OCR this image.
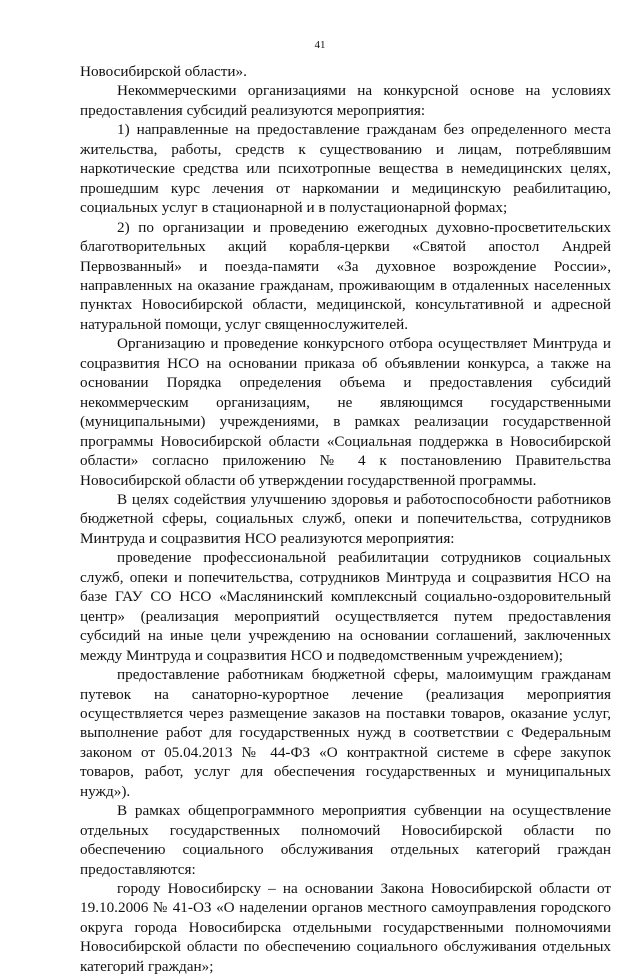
41

Новосибирской области».

Некоммерческими организациями на конкурсной основе на условиях предоставления субсидий реализуются мероприятия:

1) направленные на предоставление гражданам без определенного места жительства, работы, средств к существованию и лицам, потреблявшим наркотические средства или психотропные вещества в немедицинских целях, прошедшим курс лечения от наркомании и медицинскую реабилитацию, социальных услуг в стационарной и в полустационарной формах;

2) по организации и проведению ежегодных духовно-просветительских благотворительных акций корабля-церкви «Святой апостол Андрей Первозванный» и поезда-памяти «За духовное возрождение России», направленных на оказание гражданам, проживающим в отдаленных населенных пунктах Новосибирской области, медицинской, консультативной и адресной натуральной помощи, услуг священнослужителей.

Организацию и проведение конкурсного отбора осуществляет Минтруда и соцразвития НСО на основании приказа об объявлении конкурса, а также на основании Порядка определения объема и предоставления субсидий некоммерческим организациям, не являющимся государственными (муниципальными) учреждениями, в рамках реализации государственной программы Новосибирской области «Социальная поддержка в Новосибирской области» согласно приложению № 4 к постановлению Правительства Новосибирской области об утверждении государственной программы.

В целях содействия улучшению здоровья и работоспособности работников бюджетной сферы, социальных служб, опеки и попечительства, сотрудников Минтруда и соцразвития НСО реализуются мероприятия:

проведение профессиональной реабилитации сотрудников социальных служб, опеки и попечительства, сотрудников Минтруда и соцразвития НСО на базе ГАУ СО НСО «Маслянинский комплексный социально-оздоровительный центр» (реализация мероприятий осуществляется путем предоставления субсидий на иные цели учреждению на основании соглашений, заключенных между Минтруда и соцразвития НСО и подведомственным учреждением);

предоставление работникам бюджетной сферы, малоимущим гражданам путевок на санаторно-курортное лечение (реализация мероприятия осуществляется через размещение заказов на поставки товаров, оказание услуг, выполнение работ для государственных нужд в соответствии с Федеральным законом от 05.04.2013 № 44-ФЗ «О контрактной системе в сфере закупок товаров, работ, услуг для обеспечения государственных и муниципальных нужд»).

В рамках общепрограммного мероприятия субвенции на осуществление отдельных государственных полномочий Новосибирской области по обеспечению социального обслуживания отдельных категорий граждан предоставляются:

городу Новосибирску – на основании Закона Новосибирской области от 19.10.2006 № 41-ОЗ «О наделении органов местного самоуправления городского округа города Новосибирска отдельными государственными полномочиями Новосибирской области по обеспечению социального обслуживания отдельных категорий граждан»;
